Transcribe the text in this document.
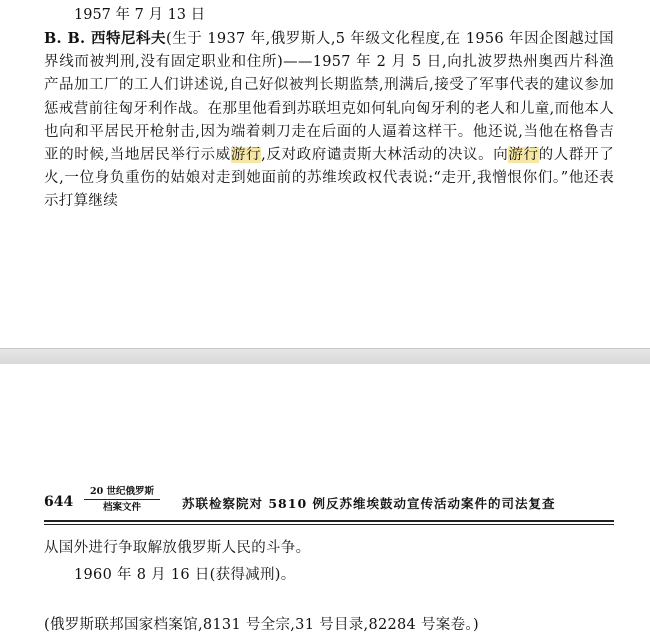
1957 年 7 月 13 日

B. B. 西特尼科夫(生于 1937 年,俄罗斯人,5 年级文化程度,在 1956 年因企图越过国界线而被判刑,没有固定职业和住所)——1957 年 2 月 5 日,向扎波罗热州奥西片科渔产品加工厂的工人们讲述说,自己好似被判长期监禁,刑满后,接受了军事代表的建议参加惩戒营前往匈牙利作战。在那里他看到苏联坦克如何轧向匈牙利的老人和儿童,而他本人也向和平居民开枪射击,因为端着刺刀走在后面的人逼着这样干。他还说,当他在格鲁吉亚的时候,当地居民举行示威游行,反对政府谴责斯大林活动的决议。向游行的人群开了火,一位身负重伤的姑娘对走到她面前的苏维埃政权代表说:“走开,我憎恨你们。”他还表示打算继续

644
20 世纪俄罗斯
档案文件	苏联检察院对 5810 例反苏维埃鼓动宣传活动案件的司法复查
从国外进行争取解放俄罗斯人民的斗争。
1960 年 8 月 16 日(获得减刑)。
(俄罗斯联邦国家档案馆,8131 号全宗,31 号目录,82284 号案卷。)
